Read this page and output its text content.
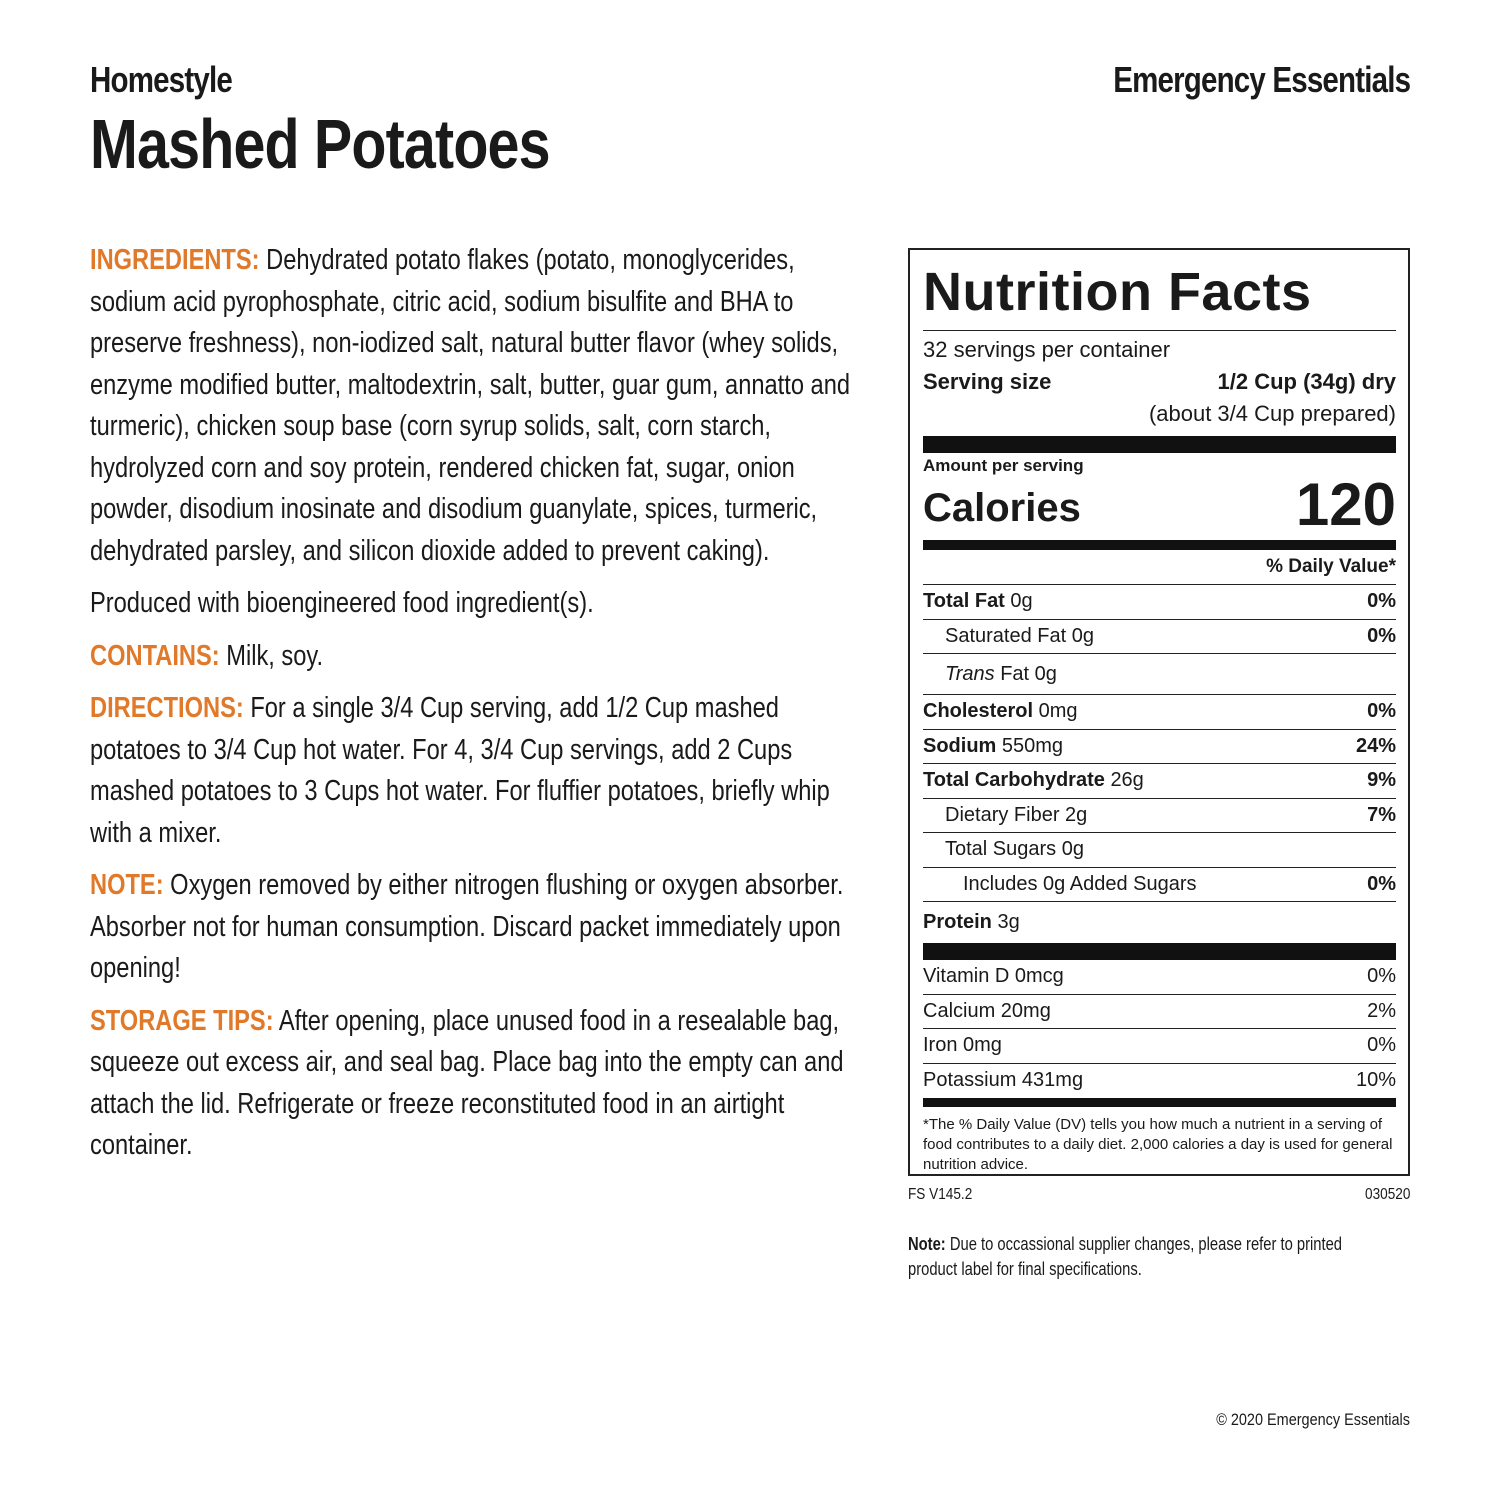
Homestyle
Mashed Potatoes
Emergency Essentials

INGREDIENTS: Dehydrated potato flakes (potato, monoglycerides, sodium acid pyrophosphate, citric acid, sodium bisulfite and BHA to preserve freshness), non-iodized salt, natural butter flavor (whey solids, enzyme modified butter, maltodextrin, salt, butter, guar gum, annatto and turmeric), chicken soup base (corn syrup solids, salt, corn starch, hydrolyzed corn and soy protein, rendered chicken fat, sugar, onion powder, disodium inosinate and disodium guanylate, spices, turmeric, dehydrated parsley, and silicon dioxide added to prevent caking).

Produced with bioengineered food ingredient(s).

CONTAINS: Milk, soy.

DIRECTIONS: For a single 3/4 Cup serving, add 1/2 Cup mashed potatoes to 3/4 Cup hot water. For 4, 3/4 Cup servings, add 2 Cups mashed potatoes to 3 Cups hot water. For fluffier potatoes, briefly whip with a mixer.

NOTE: Oxygen removed by either nitrogen flushing or oxygen absorber. Absorber not for human consumption. Discard packet immediately upon opening!

STORAGE TIPS: After opening, place unused food in a resealable bag, squeeze out excess air, and seal bag. Place bag into the empty can and attach the lid. Refrigerate or freeze reconstituted food in an airtight container.

Nutrition Facts
32 servings per container
Serving size	1/2 Cup (34g) dry
(about 3/4 Cup prepared)
Amount per serving
Calories	120
% Daily Value*
Total Fat 0g	0%
Saturated Fat 0g	0%
Trans Fat 0g
Cholesterol 0mg	0%
Sodium 550mg	24%
Total Carbohydrate 26g	9%
Dietary Fiber 2g	7%
Total Sugars 0g
Includes 0g Added Sugars	0%
Protein 3g
Vitamin D 0mcg	0%
Calcium 20mg	2%
Iron 0mg	0%
Potassium 431mg	10%
*The % Daily Value (DV) tells you how much a nutrient in a serving of food contributes to a daily diet. 2,000 calories a day is used for general nutrition advice.
FS V145.2	030520
Note: Due to occassional supplier changes, please refer to printed product label for final specifications.
© 2020 Emergency Essentials
